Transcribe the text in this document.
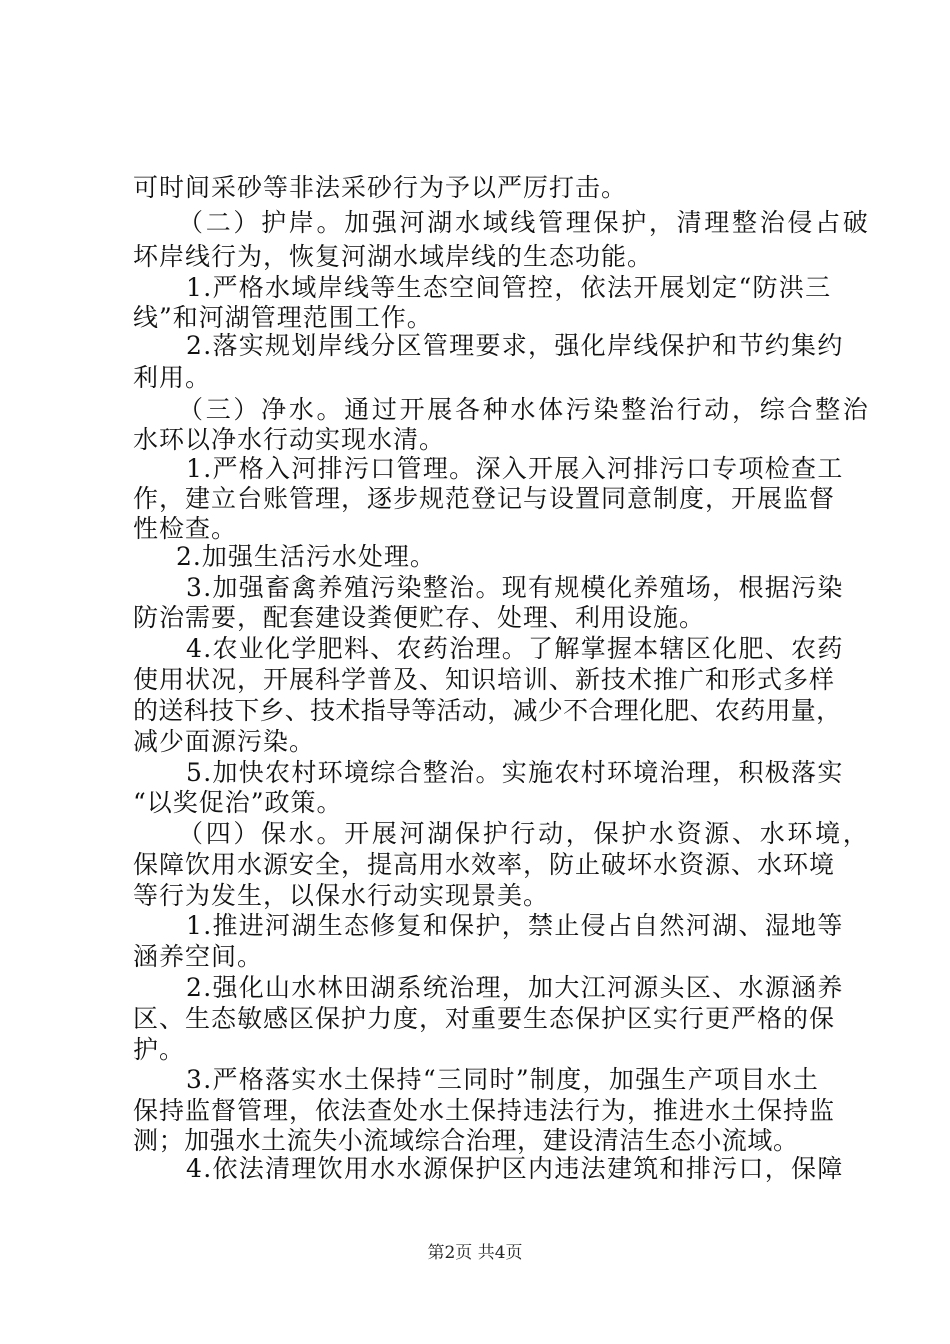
可时间采砂等非法采砂行为予以严厉打击。
（二）护岸。加强河湖水域线管理保护，清理整治侵占破
坏岸线行为，恢复河湖水域岸线的生态功能。
1.严格水域岸线等生态空间管控，依法开展划定“防洪三
线”和河湖管理范围工作。
2.落实规划岸线分区管理要求，强化岸线保护和节约集约
利用。
（三）净水。通过开展各种水体污染整治行动，综合整治
水环以净水行动实现水清。
1.严格入河排污口管理。深入开展入河排污口专项检查工
作，建立台账管理，逐步规范登记与设置同意制度，开展监督
性检查。
2.加强生活污水处理。
3.加强畜禽养殖污染整治。现有规模化养殖场，根据污染
防治需要，配套建设粪便贮存、处理、利用设施。
4.农业化学肥料、农药治理。了解掌握本辖区化肥、农药
使用状况，开展科学普及、知识培训、新技术推广和形式多样
的送科技下乡、技术指导等活动，减少不合理化肥、农药用量，
减少面源污染。
5.加快农村环境综合整治。实施农村环境治理，积极落实
“以奖促治”政策。
（四）保水。开展河湖保护行动，保护水资源、水环境，
保障饮用水源安全，提高用水效率，防止破坏水资源、水环境
等行为发生，以保水行动实现景美。
1.推进河湖生态修复和保护，禁止侵占自然河湖、湿地等
涵养空间。
2.强化山水林田湖系统治理，加大江河源头区、水源涵养
区、生态敏感区保护力度，对重要生态保护区实行更严格的保
护。
3.严格落实水土保持“三同时”制度，加强生产项目水土
保持监督管理，依法查处水土保持违法行为，推进水土保持监
测；加强水土流失小流域综合治理，建设清洁生态小流域。
4.依法清理饮用水水源保护区内违法建筑和排污口，保障
第2页 共4页
